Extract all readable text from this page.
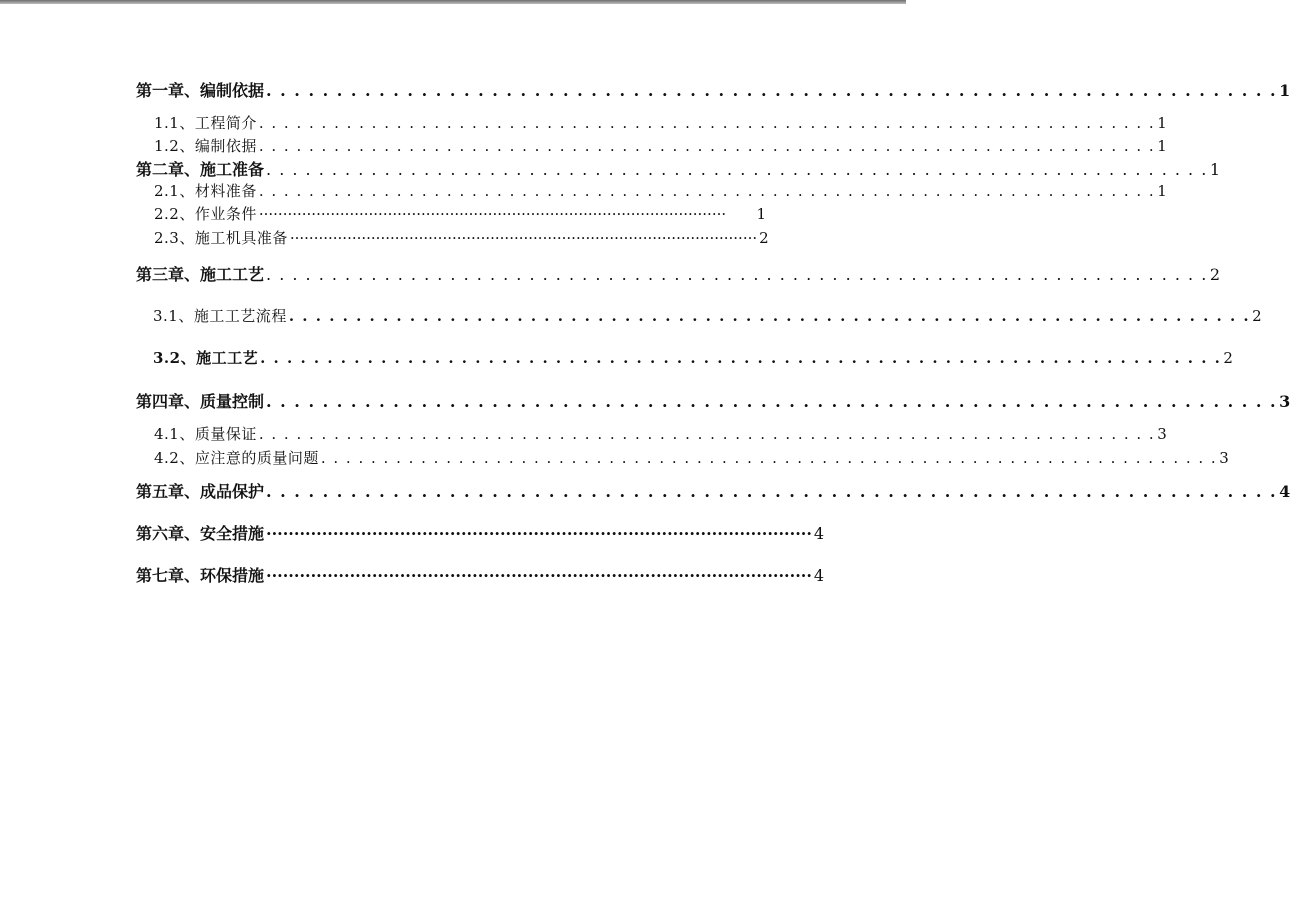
第一章、编制依据 . . . . . . . . . . . . . . . . . . . . . . . . . . . . . . . . . . . . . . . . . . . . . . . . . . . . . . . . . . . . . . . . . . . . . . . . 1
1.1、工程简介 . . . . . . . . . . . . . . . . . . . . . . . . . . . . . . . . . . . . . . . . . . . . . . . . . . . . . . . . . . . . . . . . . . . . . . . . 1
1.2、编制依据 . . . . . . . . . . . . . . . . . . . . . . . . . . . . . . . . . . . . . . . . . . . . . . . . . . . . . . . . . . . . . . . . . . . . . . . . 1
第二章、施工准备 . . . . . . . . . . . . . . . . . . . . . . . . . . . . . . . . . . . . . . . . . . . . . . . . . . . . . . . . . . . . . . . . . . . . . . . . 1
2.1、材料准备 . . . . . . . . . . . . . . . . . . . . . . . . . . . . . . . . . . . . . . . . . . . . . . . . . . . . . . . . . . . . . . . . . . . . . . . . 1
2.2、作业条件 ··································································································	1
2.3、施工机具准备 ·································································································· 2
第三章、施工工艺 . . . . . . . . . . . . . . . . . . . . . . . . . . . . . . . . . . . . . . . . . . . . . . . . . . . . . . . . . . . . . . . . . . . . . . . . 2
3.1、施工工艺流程 . . . . . . . . . . . . . . . . . . . . . . . . . . . . . . . . . . . . . . . . . . . . . . . . . . . . . . . . . . . . . . . . . . . . . . . . 2
3.2、施工工艺 . . . . . . . . . . . . . . . . . . . . . . . . . . . . . . . . . . . . . . . . . . . . . . . . . . . . . . . . . . . . . . . . . . . . . . . . 2
第四章、质量控制 . . . . . . . . . . . . . . . . . . . . . . . . . . . . . . . . . . . . . . . . . . . . . . . . . . . . . . . . . . . . . . . . . . . . . . . . 3
4.1、质量保证 . . . . . . . . . . . . . . . . . . . . . . . . . . . . . . . . . . . . . . . . . . . . . . . . . . . . . . . . . . . . . . . . . . . . . . . . 3
4.2、应注意的质量问题 . . . . . . . . . . . . . . . . . . . . . . . . . . . . . . . . . . . . . . . . . . . . . . . . . . . . . . . . . . . . . . . . . . . . . . . . 3
第五章、成品保护 . . . . . . . . . . . . . . . . . . . . . . . . . . . . . . . . . . . . . . . . . . . . . . . . . . . . . . . . . . . . . . . . . . . . . . . . 4
第六章、安全措施 ·································································································· 4
第七章、环保措施 ·································································································· 4
